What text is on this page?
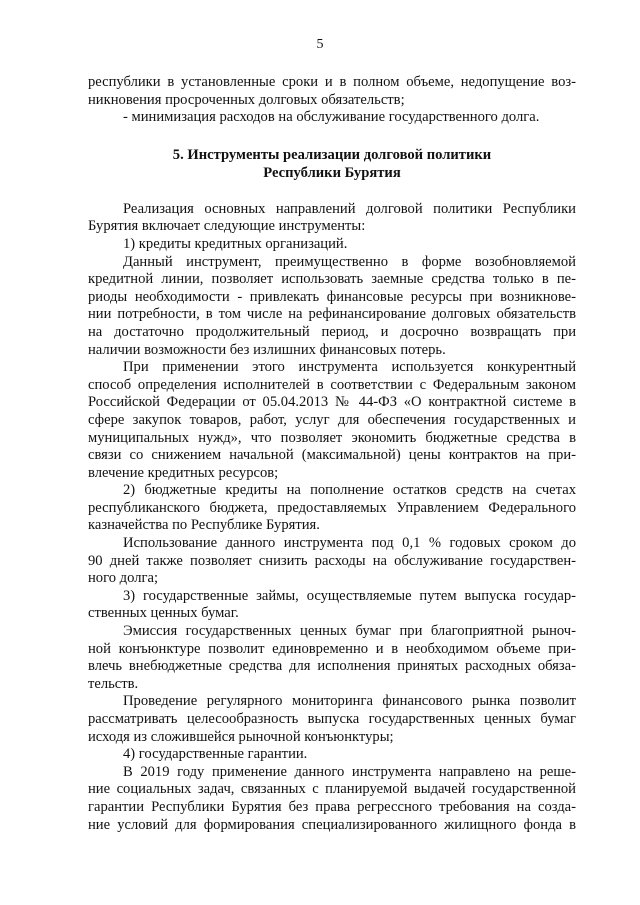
5
республики в установленные сроки и в полном объеме, недопущение воз-
никновения просроченных долговых обязательств;
- минимизация расходов на обслуживание государственного долга.
5. Инструменты реализации долговой политики
Республики Бурятия
Реализация основных направлений долговой политики Республики
Бурятия включает следующие инструменты:
1) кредиты кредитных организаций.
Данный инструмент, преимущественно в форме возобновляемой
кредитной линии, позволяет использовать заемные средства только в пе-
риоды необходимости - привлекать финансовые ресурсы при возникнове-
нии потребности, в том числе на рефинансирование долговых обязательств
на достаточно продолжительный период, и досрочно возвращать при
наличии возможности без излишних финансовых потерь.
При применении этого инструмента используется конкурентный
способ определения исполнителей в соответствии с Федеральным законом
Российской Федерации от 05.04.2013 № 44-ФЗ «О контрактной системе в
сфере закупок товаров, работ, услуг для обеспечения государственных и
муниципальных нужд», что позволяет экономить бюджетные средства в
связи со снижением начальной (максимальной) цены контрактов на при-
влечение кредитных ресурсов;
2) бюджетные кредиты на пополнение остатков средств на счетах
республиканского бюджета, предоставляемых Управлением Федерального
казначейства по Республике Бурятия.
Использование данного инструмента под 0,1 % годовых сроком до
90 дней также позволяет снизить расходы на обслуживание государствен-
ного долга;
3) государственные займы, осуществляемые путем выпуска государ-
ственных ценных бумаг.
Эмиссия государственных ценных бумаг при благоприятной рыноч-
ной конъюнктуре позволит единовременно и в необходимом объеме при-
влечь внебюджетные средства для исполнения принятых расходных обяза-
тельств.
Проведение регулярного мониторинга финансового рынка позволит
рассматривать целесообразность выпуска государственных ценных бумаг
исходя из сложившейся рыночной конъюнктуры;
4) государственные гарантии.
В 2019 году применение данного инструмента направлено на реше-
ние социальных задач, связанных с планируемой выдачей государственной
гарантии Республики Бурятия без права регрессного требования на созда-
ние условий для формирования специализированного жилищного фонда в
